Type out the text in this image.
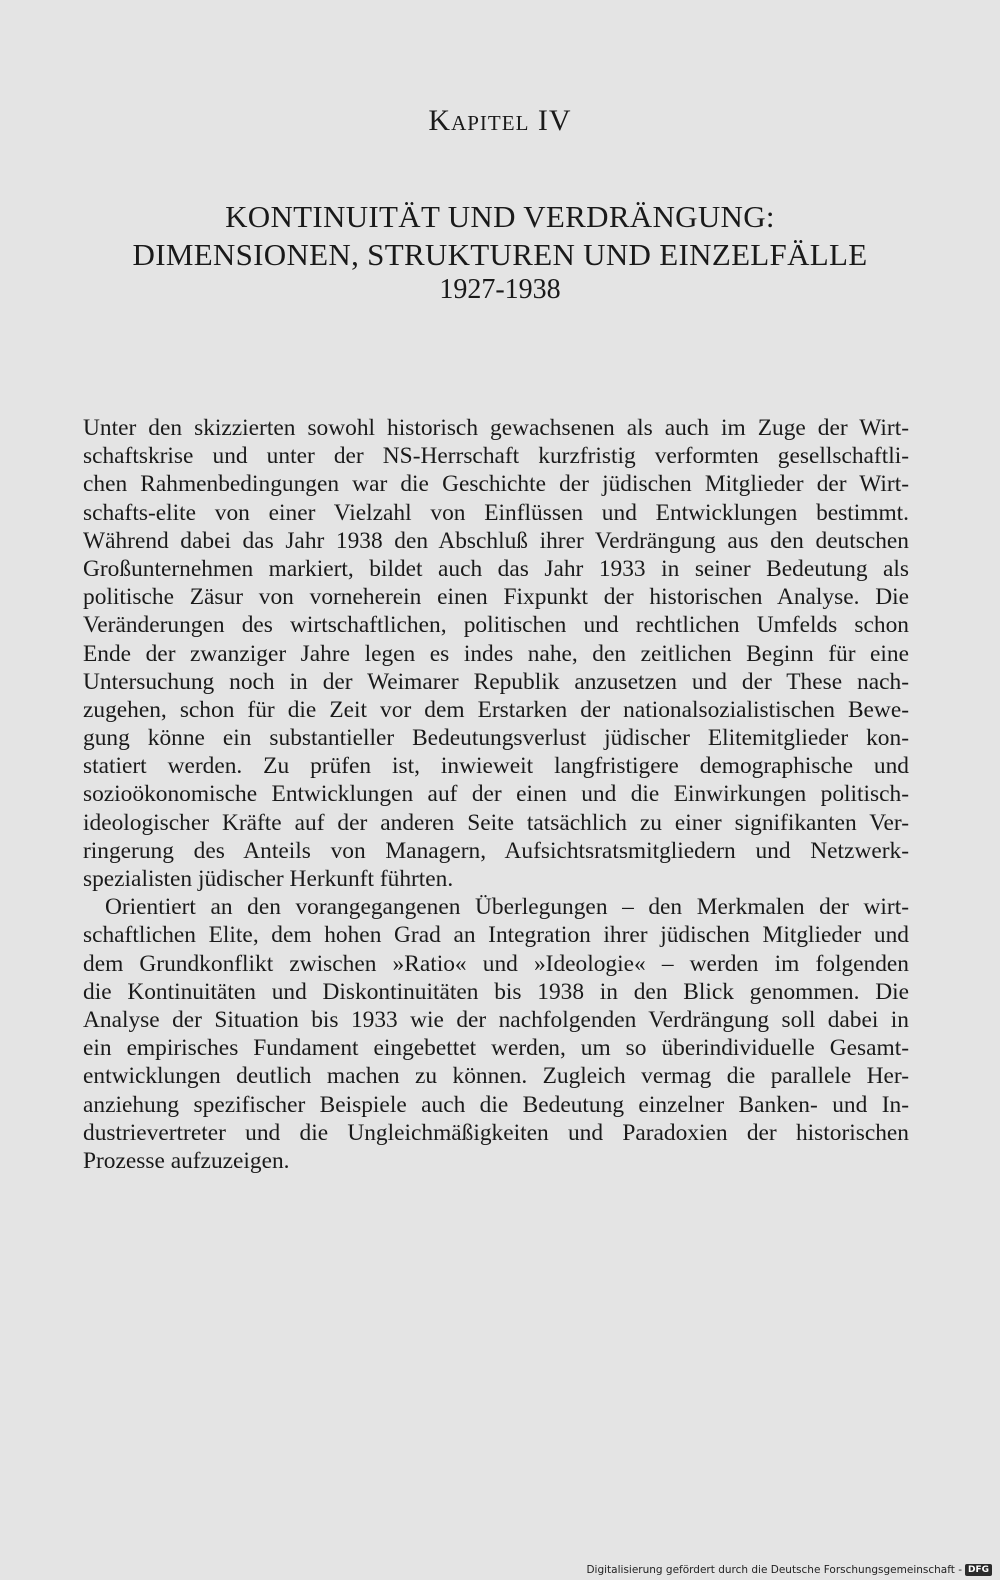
Kapitel IV
KONTINUITÄT UND VERDRÄNGUNG:
DIMENSIONEN, STRUKTUREN UND EINZELFÄLLE
1927-1938
Unter den skizzierten sowohl historisch gewachsenen als auch im Zuge der Wirt-
schaftskrise und unter der NS-Herrschaft kurzfristig verformten gesellschaftli-
chen Rahmenbedingungen war die Geschichte der jüdischen Mitglieder der Wirt-
schafts-elite von einer Vielzahl von Einflüssen und Entwicklungen bestimmt.
Während dabei das Jahr 1938 den Abschluß ihrer Verdrängung aus den deutschen
Großunternehmen markiert, bildet auch das Jahr 1933 in seiner Bedeutung als
politische Zäsur von vorneherein einen Fixpunkt der historischen Analyse. Die
Veränderungen des wirtschaftlichen, politischen und rechtlichen Umfelds schon
Ende der zwanziger Jahre legen es indes nahe, den zeitlichen Beginn für eine
Untersuchung noch in der Weimarer Republik anzusetzen und der These nach-
zugehen, schon für die Zeit vor dem Erstarken der nationalsozialistischen Bewe-
gung könne ein substantieller Bedeutungsverlust jüdischer Elitemitglieder kon-
statiert werden. Zu prüfen ist, inwieweit langfristigere demographische und
sozioökonomische Entwicklungen auf der einen und die Einwirkungen politisch-
ideologischer Kräfte auf der anderen Seite tatsächlich zu einer signifikanten Ver-
ringerung des Anteils von Managern, Aufsichtsratsmitgliedern und Netzwerk-
spezialisten jüdischer Herkunft führten.
Orientiert an den vorangegangenen Überlegungen – den Merkmalen der wirt-
schaftlichen Elite, dem hohen Grad an Integration ihrer jüdischen Mitglieder und
dem Grundkonflikt zwischen »Ratio« und »Ideologie« – werden im folgenden
die Kontinuitäten und Diskontinuitäten bis 1938 in den Blick genommen. Die
Analyse der Situation bis 1933 wie der nachfolgenden Verdrängung soll dabei in
ein empirisches Fundament eingebettet werden, um so überindividuelle Gesamt-
entwicklungen deutlich machen zu können. Zugleich vermag die parallele Her-
anziehung spezifischer Beispiele auch die Bedeutung einzelner Banken- und In-
dustrievertreter und die Ungleichmäßigkeiten und Paradoxien der historischen
Prozesse aufzuzeigen.
Digitalisierung gefördert durch die Deutsche Forschungsgemeinschaft - DFG
